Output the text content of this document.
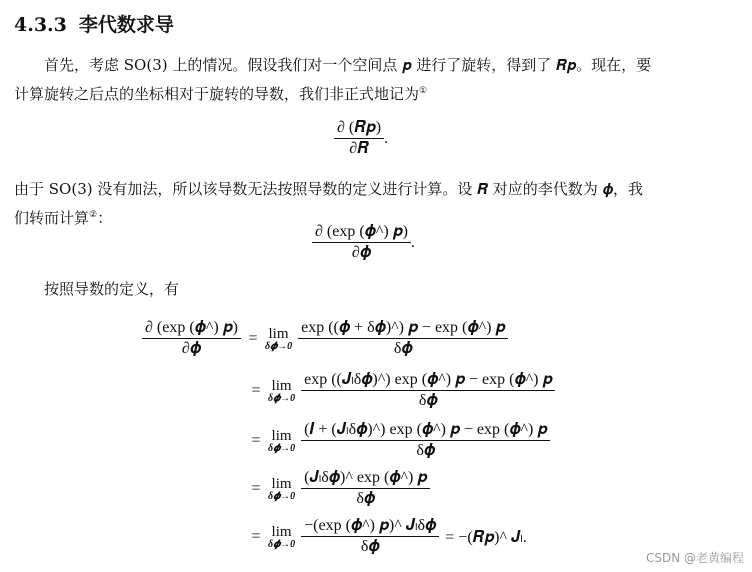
4.3.3 李代数求导
首先，考虑 SO(3) 上的情况。假设我们对一个空间点 𝒑 进行了旋转，得到了 𝑹𝒑。现在，要
计算旋转之后点的坐标相对于旋转的导数，我们非正式地记为①
$\frac{\text{∂ (𝑹𝒑)}}{\text{∂𝑹}}$ .
由于 SO(3) 没有加法，所以该导数无法按照导数的定义进行计算。设 𝑹 对应的李代数为 𝝓，我
们转而计算②：
$\frac{\text{∂ (exp (𝝓\textasciicircum{}) 𝒑)}}{\text{∂𝝓}}$ .
按照导数的定义，有
$\frac{\text{∂ (exp (𝝓\textasciicircum{}) 𝒑)}}{\text{∂𝝓}} = \lim$
δ𝝓→0 $\frac{\text{exp ((𝝓 + δ𝝓)\textasciicircum{}) 𝒑 − exp (𝝓\textasciicircum{}) 𝒑}}{\text{δ𝝓}}$
= lim
δ𝝓→0 $\frac{\text{exp ((𝑱ₗδ𝝓)\textasciicircum{}) exp (𝝓\textasciicircum{}) 𝒑 − exp (𝝓\textasciicircum{}) 𝒑}}{\text{δ𝝓}}$
= lim
δ𝝓→0 $\frac{\text{(𝑰 + (𝑱ₗδ𝝓)\textasciicircum{}) exp (𝝓\textasciicircum{}) 𝒑 − exp (𝝓\textasciicircum{}) 𝒑}}{\text{δ𝝓}}$
= lim
δ𝝓→0 $\frac{\text{(𝑱ₗδ𝝓)\textasciicircum{} exp (𝝓\textasciicircum{}) 𝒑}}{\text{δ𝝓}}$
= lim
δ𝝓→0 $\frac{\text{−(exp (𝝓\textasciicircum{}) 𝒑)\textasciicircum{} 𝑱ₗδ𝝓}}{\text{δ𝝓}}$ = −(𝑹𝒑)^ 𝑱ₗ.
CSDN @老黄编程
